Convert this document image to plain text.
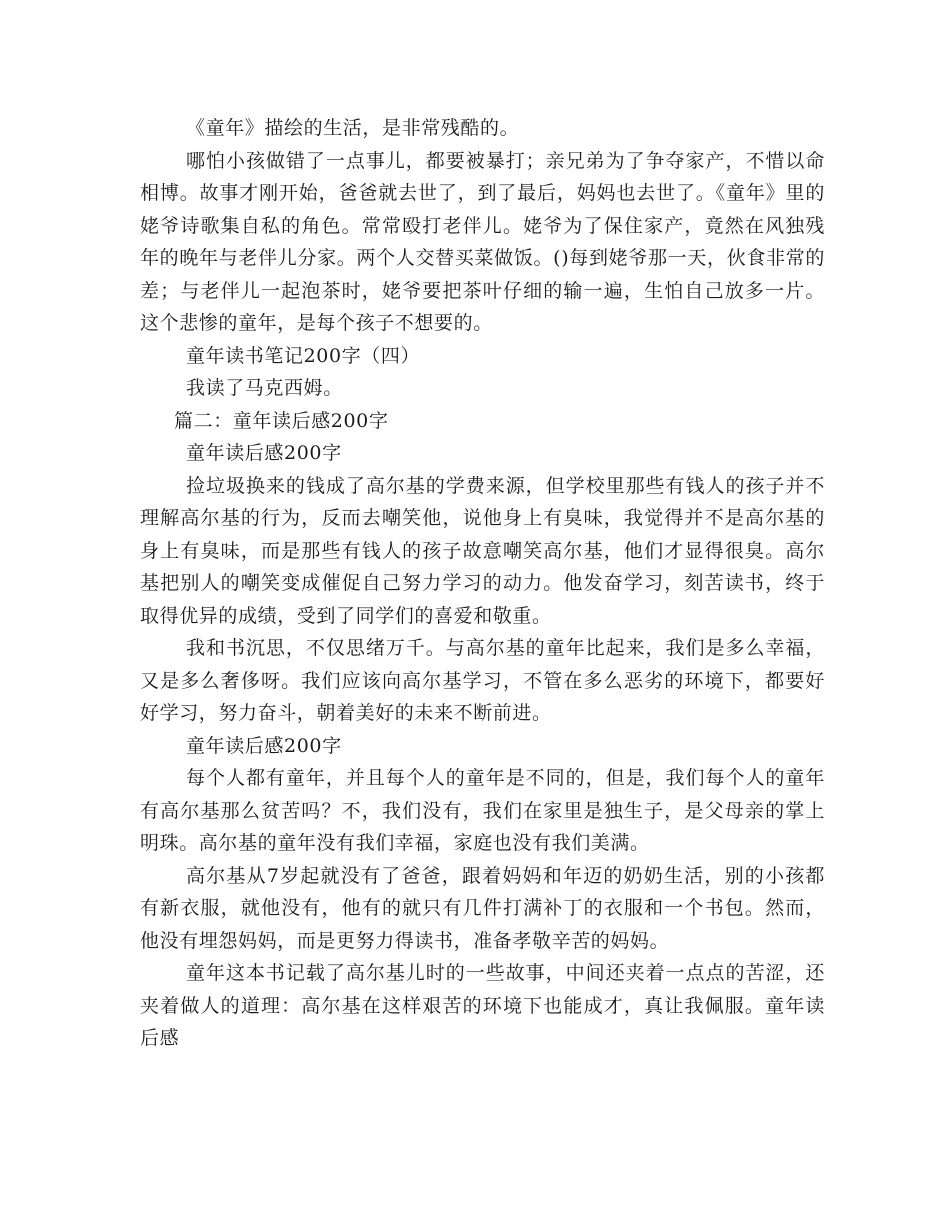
《童年》描绘的生活，是非常残酷的。

哪怕小孩做错了一点事儿，都要被暴打；亲兄弟为了争夺家产，不惜以命相博。故事才刚开始，爸爸就去世了，到了最后，妈妈也去世了。《童年》里的姥爷诗歌集自私的角色。常常殴打老伴儿。姥爷为了保住家产，竟然在风独残年的晚年与老伴儿分家。两个人交替买菜做饭。()每到姥爷那一天，伙食非常的差；与老伴儿一起泡茶时，姥爷要把茶叶仔细的输一遍，生怕自己放多一片。这个悲惨的童年，是每个孩子不想要的。

童年读书笔记200字（四）

我读了马克西姆。

篇二：童年读后感200字

童年读后感200字

捡垃圾换来的钱成了高尔基的学费来源，但学校里那些有钱人的孩子并不理解高尔基的行为，反而去嘲笑他，说他身上有臭味，我觉得并不是高尔基的身上有臭味，而是那些有钱人的孩子故意嘲笑高尔基，他们才显得很臭。高尔基把别人的嘲笑变成催促自己努力学习的动力。他发奋学习，刻苦读书，终于取得优异的成绩，受到了同学们的喜爱和敬重。

我和书沉思，不仅思绪万千。与高尔基的童年比起来，我们是多么幸福，又是多么奢侈呀。我们应该向高尔基学习，不管在多么恶劣的环境下，都要好好学习，努力奋斗，朝着美好的未来不断前进。

童年读后感200字

每个人都有童年，并且每个人的童年是不同的，但是，我们每个人的童年有高尔基那么贫苦吗？不，我们没有，我们在家里是独生子，是父母亲的掌上明珠。高尔基的童年没有我们幸福，家庭也没有我们美满。

高尔基从7岁起就没有了爸爸，跟着妈妈和年迈的奶奶生活，别的小孩都有新衣服，就他没有，他有的就只有几件打满补丁的衣服和一个书包。然而，他没有埋怨妈妈，而是更努力得读书，准备孝敬辛苦的妈妈。

童年这本书记载了高尔基儿时的一些故事，中间还夹着一点点的苦涩，还夹着做人的道理：高尔基在这样艰苦的环境下也能成才，真让我佩服。童年读后感
